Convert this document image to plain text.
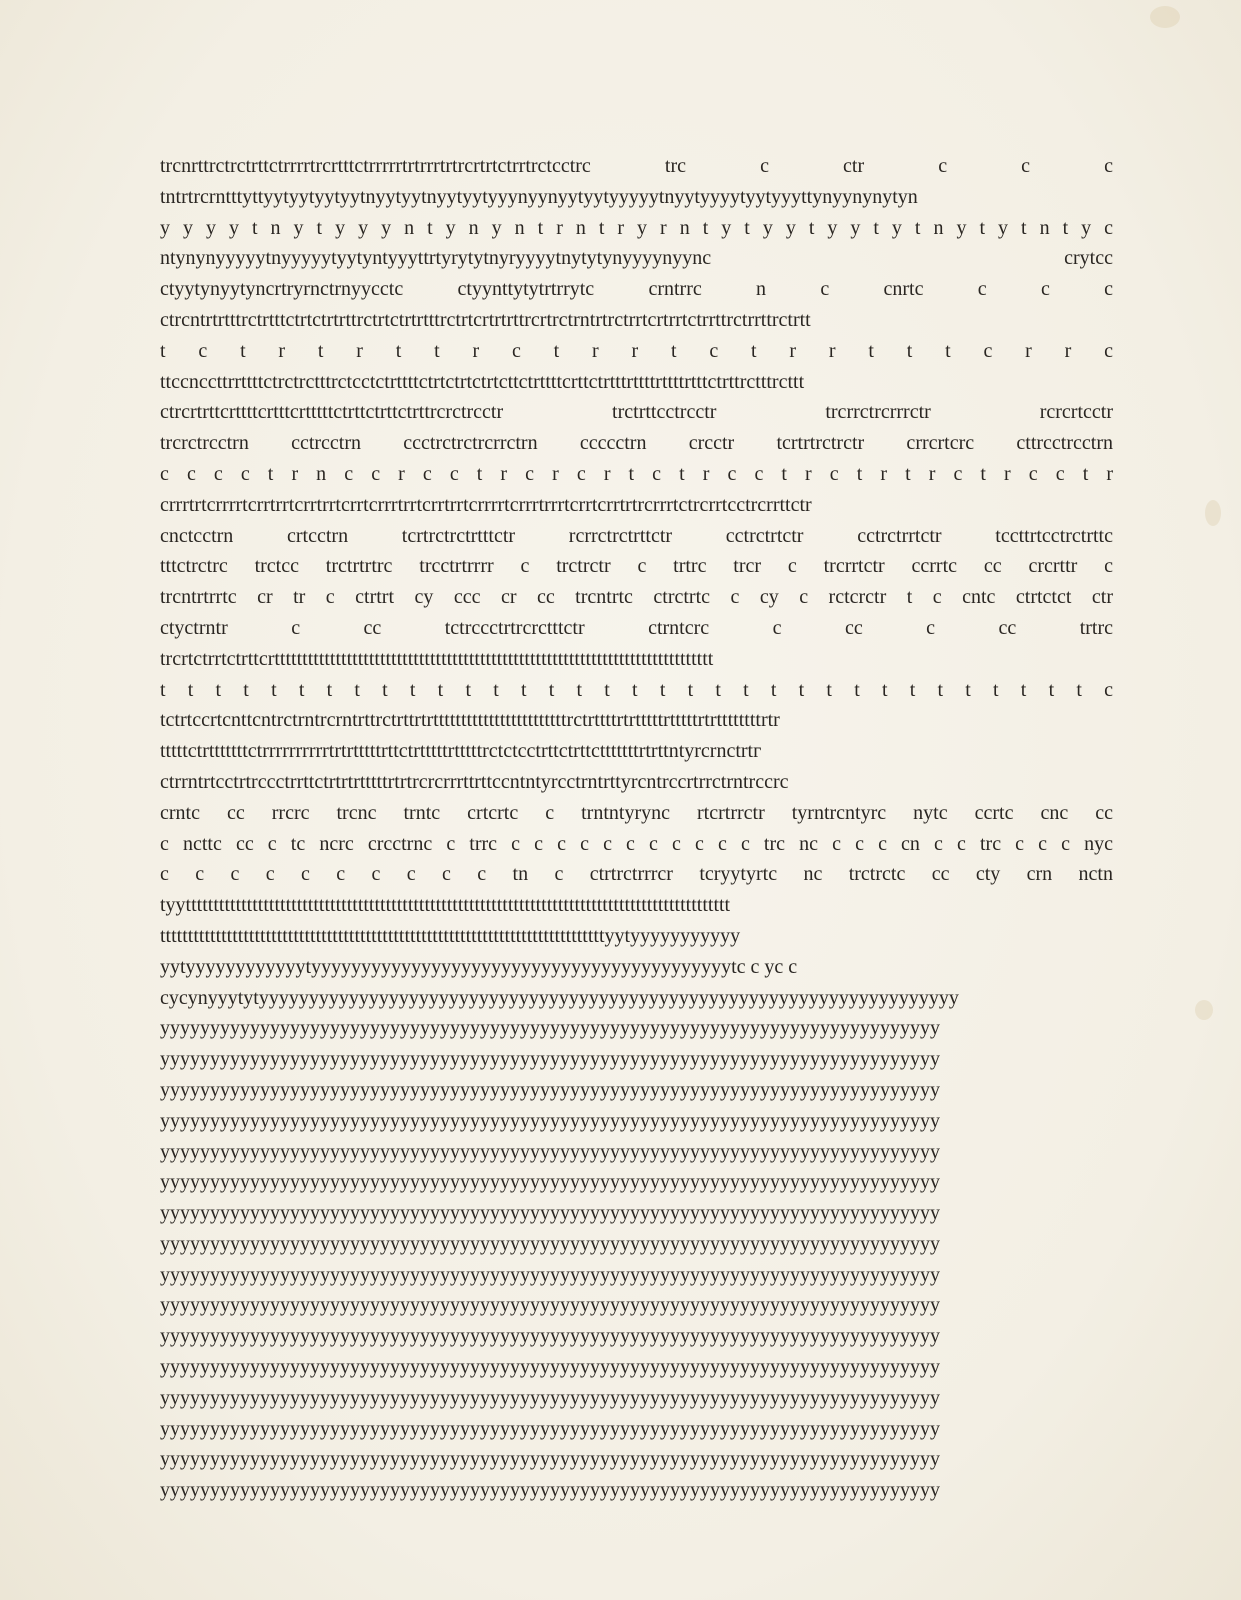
trcnrttrctrctrttctrrrrtrcrtttctrrrrrtrtrrrtrtrcrtrtctrrtrctcctrc trc c ctr c c c
tntrtrcrntttyttyytyytyytyytnyytyytnyytyytyyynyynyytyytyyyyytnyytyyyytyytyyyttynyynynytyn
y y y y t n y t y y y n t y n y n t r n t r y r n t y t y y t y y t y t n y t y t n t y c
ntynynyyyyytnyyyyytyytyntyyyttrtyrytytnyryyyytnytytynyyyynyync crytcc
ctyytynyytyncrtryrnctrnyycctc ctyynttytytrtrrytc crntrrc n c cnrtc c c c
ctrcntrtrtttrctrtttctrtctrtrttrctrtctrtrtttrctrtcrtrtrttrcrtrctrntrtrctrrtcrtrrtctrrttrctrrttrctrtt
t c t r t r t t r c t r r t c t r r t t t c r r c
ttccncсttrrttttctrctrctttrctcctctrttttctrtctrtctrtcttctrttttcrttctrtttrttttrttttrtttctrttrctttrcttt
ctrcrtrttcrttttcrtttcrtttttctrttctrttctrttrcrctrcctr trctrttcctrcctr trcrrctrcrrrctr rcrcrtcctr
trcrctrcctrn cctrcctrn ccctrctrctrcrrctrn ccccctrn crcctr tcrtrtrctrctr crrcrtcrc cttrcctrcctrn
c c c c t r n c c r c c t r c r c r t c t r c c t r c t r t r c t r c c t r
crrrtrtcrrrrtcrrtrrtcrrtrrtcrrtcrrrtrrtcrrtrrtcrrrrtcrrrtrrrtcrrtcrrtrtrcrrrtctrcrrtcctrcrrttctr
cnctcctrn crtcctrn tcrtrctrctrtttctr rcrrctrctrttctr cctrctrtctr cctrctrrtctr tccttrtcctrctrttc
tttctrctrc trctcc trctrtrtrc trcctrtrrrr c trctrctr c trtrc trcr c trcrrtctr ccrrtc cc crcrttr c
trcntrtrrtc cr tr c ctrtrt cy ccc cr cc trcntrtc ctrctrtc c cy c rctcrctr t c cntc ctrtctct ctr
ctyctrntr c cc tctrccctrtrcrctttctr ctrntcrc c cc c cc trtrc
trcrtctrrtctrttcrttttttttttttttttttttttttttttttttttttttttttttttttttttttttttttttttttttttttttttttt
t t t t t t t t t t t t t t t t t t t t t t t t t t t t t t t t t t c
tctrtccrtcnttcntrctrntrcrntrttrctrttrtrttttttttttttttttttttttttrctrttttrtrtttttrtttttrtrttttttttrtr
tttttctrtttttttctrrrrrrrrrrtrtrtttttrttctrtttttrtttttrctctcctrttctrttctttttttrtrttntyrcrnctrtг
ctrrntrtcctrtrccctrrttctrtrtrtttttrtrtrcrcrrrttrttccntntyrcctrntrttyrcntrccrtrrctrntrccrc
crntc cc rrcrc trcnc trntc crtcrtc c trntntyrync rtcrtrrctr tyrntrcntyrc nytc ccrtc cnc cc
c ncttc cc c tc ncrc crcctrnc c trrc c c c c c c c c c c c trc nc c c c cn c c trc c c c nyc
c c c c c c c c c c tn c ctrtrctrrrcr tcryytyrtc nc trctrctc cc cty crn nctn
tyytttttttttttttttttttttttttttttttttttttttttttttttttttttttttttttttttttttttttttttttttttttttttttttttttt
ttttttttttttttttttttttttttttttttttttttttttttttttttttttttttttttttttttttttttttttttyytyyyyyyyyyyy
yytyyyyyyyyyyyytyyyyyyyyyyyyyyyyyyyyyyyyyyyyyyyyyyyyyyyyyytc c yc c
cycynyyytytyyyyyyyyyyyyyyyyyyyyyyyyyyyyyyyyyyyyyyyyyyyyyyyyyyyyyyyyyyyyyyyyyyyyyy
yyyyyyyyyyyyyyyyyyyyyyyyyyyyyyyyyyyyyyyyyyyyyyyyyyyyyyyyyyyyyyyyyyyyyyyyyyyyyy
yyyyyyyyyyyyyyyyyyyyyyyyyyyyyyyyyyyyyyyyyyyyyyyyyyyyyyyyyyyyyyyyyyyyyyyyyyyyyy
yyyyyyyyyyyyyyyyyyyyyyyyyyyyyyyyyyyyyyyyyyyyyyyyyyyyyyyyyyyyyyyyyyyyyyyyyyyyyy
yyyyyyyyyyyyyyyyyyyyyyyyyyyyyyyyyyyyyyyyyyyyyyyyyyyyyyyyyyyyyyyyyyyyyyyyyyyyyy
yyyyyyyyyyyyyyyyyyyyyyyyyyyyyyyyyyyyyyyyyyyyyyyyyyyyyyyyyyyyyyyyyyyyyyyyyyyyyy
yyyyyyyyyyyyyyyyyyyyyyyyyyyyyyyyyyyyyyyyyyyyyyyyyyyyyyyyyyyyyyyyyyyyyyyyyyyyyy
yyyyyyyyyyyyyyyyyyyyyyyyyyyyyyyyyyyyyyyyyyyyyyyyyyyyyyyyyyyyyyyyyyyyyyyyyyyyyy
yyyyyyyyyyyyyyyyyyyyyyyyyyyyyyyyyyyyyyyyyyyyyyyyyyyyyyyyyyyyyyyyyyyyyyyyyyyyyy
yyyyyyyyyyyyyyyyyyyyyyyyyyyyyyyyyyyyyyyyyyyyyyyyyyyyyyyyyyyyyyyyyyyyyyyyyyyyyy
yyyyyyyyyyyyyyyyyyyyyyyyyyyyyyyyyyyyyyyyyyyyyyyyyyyyyyyyyyyyyyyyyyyyyyyyyyyyyy
yyyyyyyyyyyyyyyyyyyyyyyyyyyyyyyyyyyyyyyyyyyyyyyyyyyyyyyyyyyyyyyyyyyyyyyyyyyyyy
yyyyyyyyyyyyyyyyyyyyyyyyyyyyyyyyyyyyyyyyyyyyyyyyyyyyyyyyyyyyyyyyyyyyyyyyyyyyyy
yyyyyyyyyyyyyyyyyyyyyyyyyyyyyyyyyyyyyyyyyyyyyyyyyyyyyyyyyyyyyyyyyyyyyyyyyyyyyy
yyyyyyyyyyyyyyyyyyyyyyyyyyyyyyyyyyyyyyyyyyyyyyyyyyyyyyyyyyyyyyyyyyyyyyyyyyyyyy
yyyyyyyyyyyyyyyyyyyyyyyyyyyyyyyyyyyyyyyyyyyyyyyyyyyyyyyyyyyyyyyyyyyyyyyyyyyyyy
yyyyyyyyyyyyyyyyyyyyyyyyyyyyyyyyyyyyyyyyyyyyyyyyyyyyyyyyyyyyyyyyyyyyyyyyyyyyyy
